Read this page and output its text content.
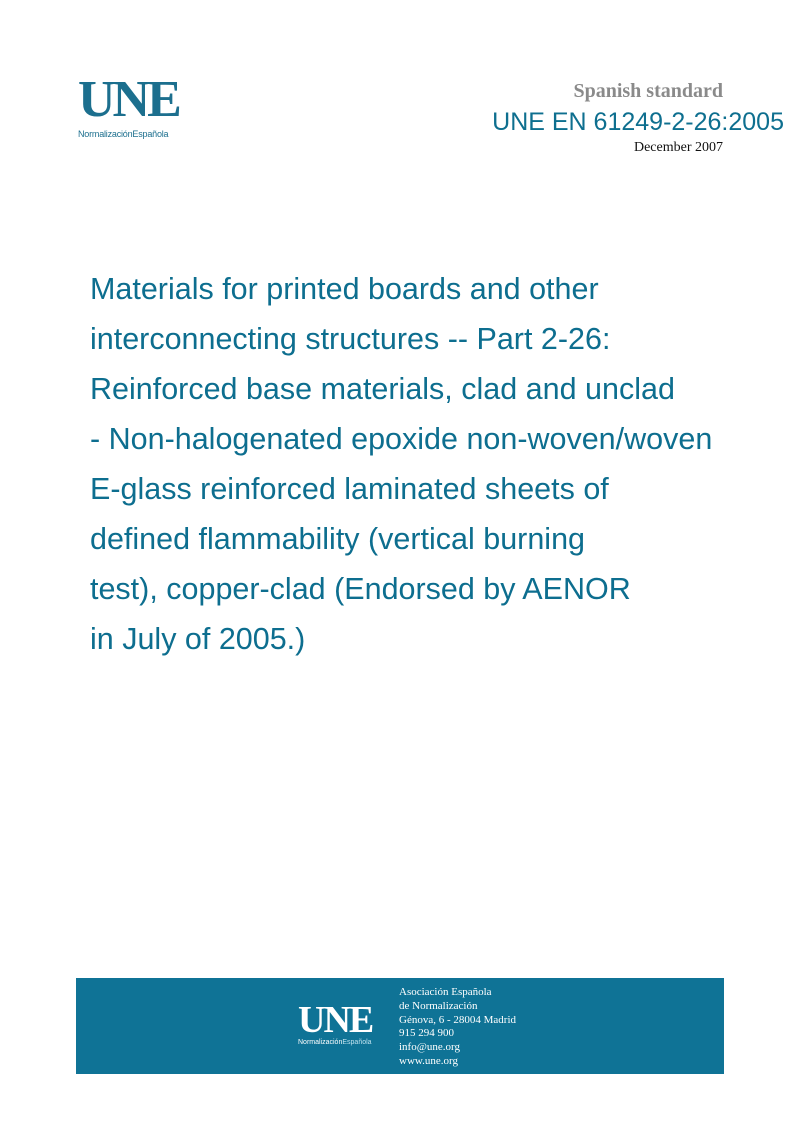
UNE
NormalizaciónEspañola
Spanish standard
UNE EN 61249-2-26:2005
December 2007
Materials for printed boards and other
interconnecting structures -- Part 2-26:
Reinforced base materials, clad and unclad
- Non-halogenated epoxide non-woven/woven
E-glass reinforced laminated sheets of
defined flammability (vertical burning
test), copper-clad (Endorsed by AENOR
in July of 2005.)
UNE
NormalizaciónEspañola
Asociación Española
de Normalización
Génova, 6 - 28004 Madrid
915 294 900
info@une.org
www.une.org
